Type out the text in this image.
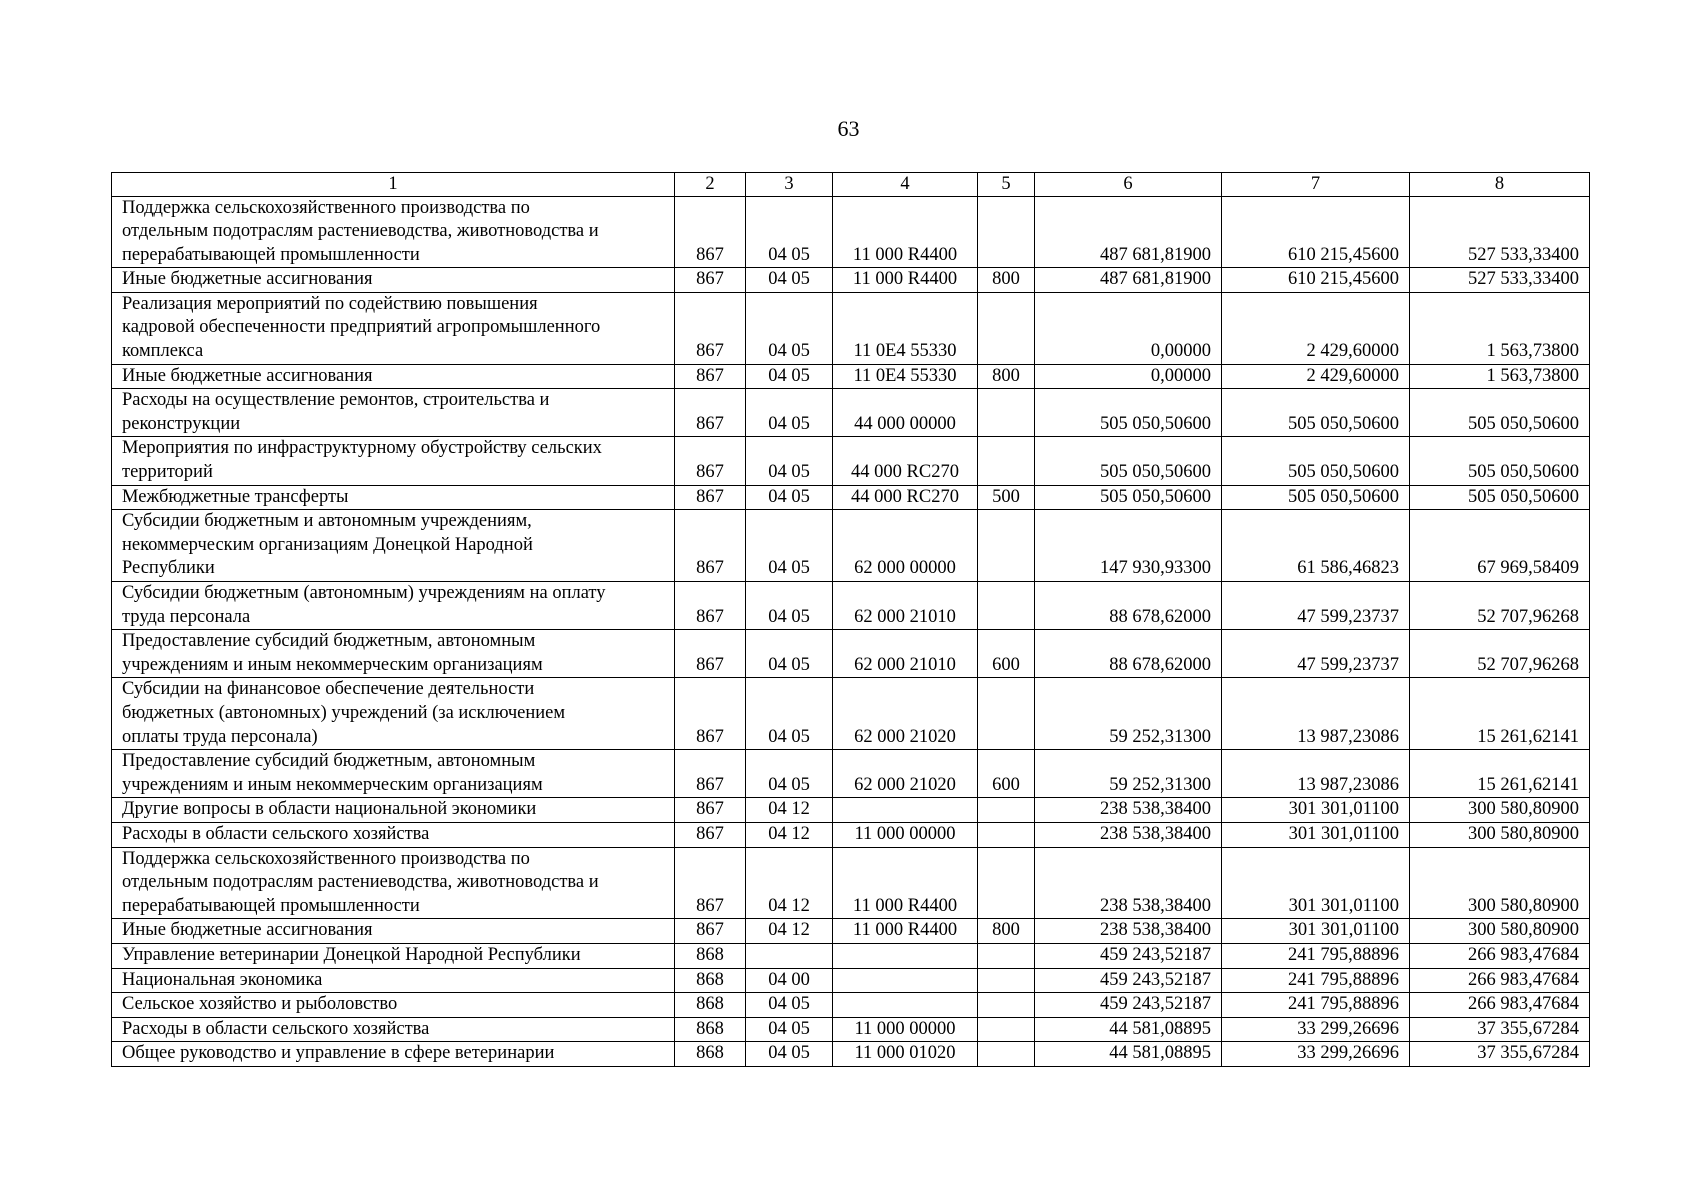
63
1	2	3	4	5	6	7	8

Поддержка сельскохозяйственного производства по
отдельным подотраслям растениеводства, животноводства и
перерабатывающей промышленности	867	04 05	11 000 R4400		487 681,81900	610 215,45600	527 533,33400

Иные бюджетные ассигнования	867	04 05	11 000 R4400	800	487 681,81900	610 215,45600	527 533,33400

Реализация мероприятий по содействию повышения
кадровой обеспеченности предприятий агропромышленного
комплекса	867	04 05	11 0Е4 55330		0,00000	2 429,60000	1 563,73800

Иные бюджетные ассигнования	867	04 05	11 0Е4 55330	800	0,00000	2 429,60000	1 563,73800

Расходы на осуществление ремонтов, строительства и
реконструкции	867	04 05	44 000 00000		505 050,50600	505 050,50600	505 050,50600

Мероприятия по инфраструктурному обустройству сельских
территорий	867	04 05	44 000 RC270		505 050,50600	505 050,50600	505 050,50600

Межбюджетные трансферты	867	04 05	44 000 RC270	500	505 050,50600	505 050,50600	505 050,50600

Субсидии бюджетным и автономным учреждениям,
некоммерческим организациям Донецкой Народной
Республики	867	04 05	62 000 00000		147 930,93300	61 586,46823	67 969,58409

Субсидии бюджетным (автономным) учреждениям на оплату
труда персонала	867	04 05	62 000 21010		88 678,62000	47 599,23737	52 707,96268

Предоставление субсидий бюджетным, автономным
учреждениям и иным некоммерческим организациям	867	04 05	62 000 21010	600	88 678,62000	47 599,23737	52 707,96268

Субсидии на финансовое обеспечение деятельности
бюджетных (автономных) учреждений (за исключением
оплаты труда персонала)	867	04 05	62 000 21020		59 252,31300	13 987,23086	15 261,62141

Предоставление субсидий бюджетным, автономным
учреждениям и иным некоммерческим организациям	867	04 05	62 000 21020	600	59 252,31300	13 987,23086	15 261,62141

Другие вопросы в области национальной экономики	867	04 12			238 538,38400	301 301,01100	300 580,80900

Расходы в области сельского хозяйства	867	04 12	11 000 00000		238 538,38400	301 301,01100	300 580,80900

Поддержка сельскохозяйственного производства по
отдельным подотраслям растениеводства, животноводства и
перерабатывающей промышленности	867	04 12	11 000 R4400		238 538,38400	301 301,01100	300 580,80900

Иные бюджетные ассигнования	867	04 12	11 000 R4400	800	238 538,38400	301 301,01100	300 580,80900

Управление ветеринарии Донецкой Народной Республики	868				459 243,52187	241 795,88896	266 983,47684

Национальная экономика	868	04 00			459 243,52187	241 795,88896	266 983,47684

Сельское хозяйство и рыболовство	868	04 05			459 243,52187	241 795,88896	266 983,47684

Расходы в области сельского хозяйства	868	04 05	11 000 00000		44 581,08895	33 299,26696	37 355,67284

Общее руководство и управление в сфере ветеринарии	868	04 05	11 000 01020		44 581,08895	33 299,26696	37 355,67284
